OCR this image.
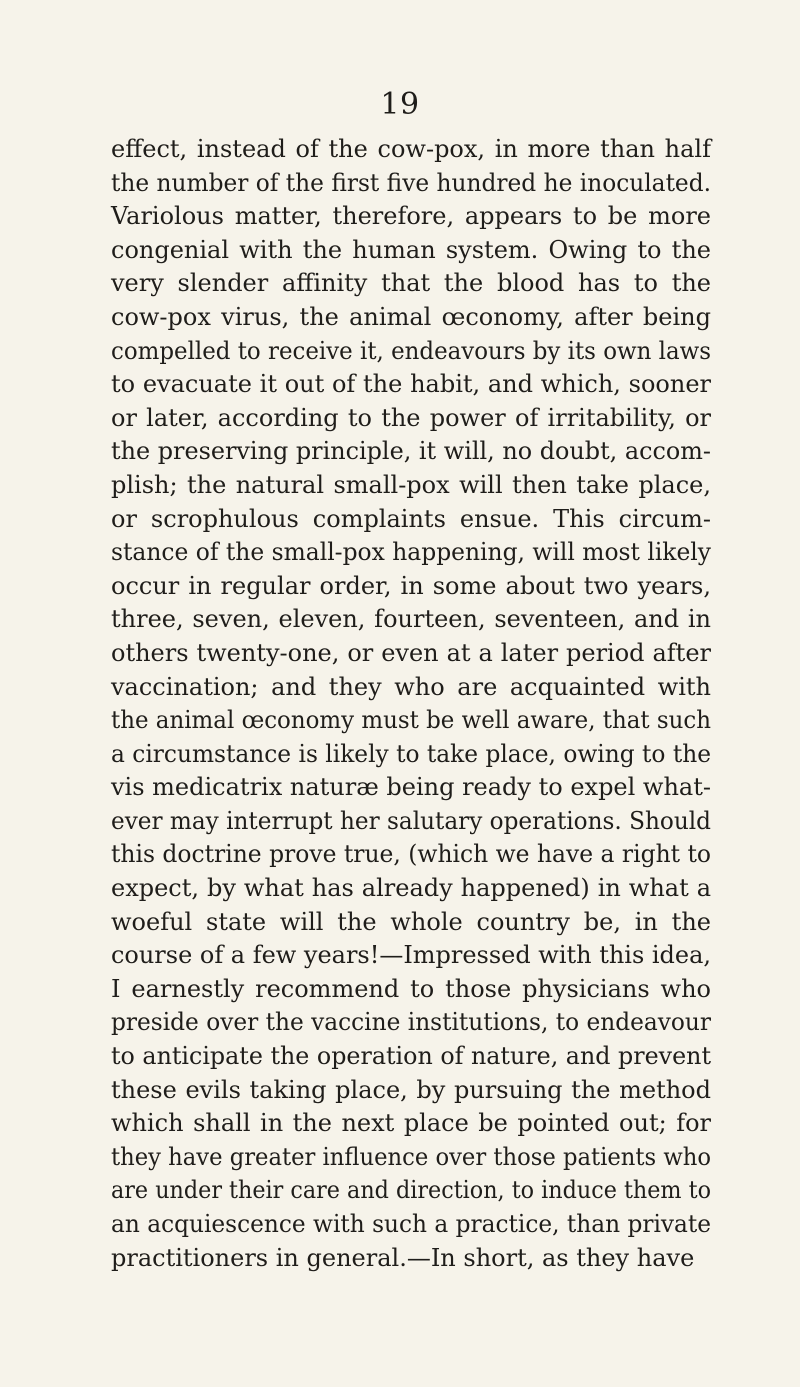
19
effect, instead of the cow-pox, in more than half
the number of the first five hundred he inoculated.
Variolous matter, therefore, appears to be more
congenial with the human system. Owing to the
very slender affinity that the blood has to the
cow-pox virus, the animal œconomy, after being
compelled to receive it, endeavours by its own laws
to evacuate it out of the habit, and which, sooner
or later, according to the power of irritability, or
the preserving principle, it will, no doubt, accom-
plish; the natural small-pox will then take place,
or scrophulous complaints ensue. This circum-
stance of the small-pox happening, will most likely
occur in regular order, in some about two years,
three, seven, eleven, fourteen, seventeen, and in
others twenty-one, or even at a later period after
vaccination; and they who are acquainted with
the animal œconomy must be well aware, that such
a circumstance is likely to take place, owing to the
vis medicatrix naturæ being ready to expel what-
ever may interrupt her salutary operations. Should
this doctrine prove true, (which we have a right to
expect, by what has already happened) in what a
woeful state will the whole country be, in the
course of a few years!—Impressed with this idea,
I earnestly recommend to those physicians who
preside over the vaccine institutions, to endeavour
to anticipate the operation of nature, and prevent
these evils taking place, by pursuing the method
which shall in the next place be pointed out; for
they have greater influence over those patients who
are under their care and direction, to induce them to
an acquiescence with such a practice, than private
practitioners in general.—In short, as they have
